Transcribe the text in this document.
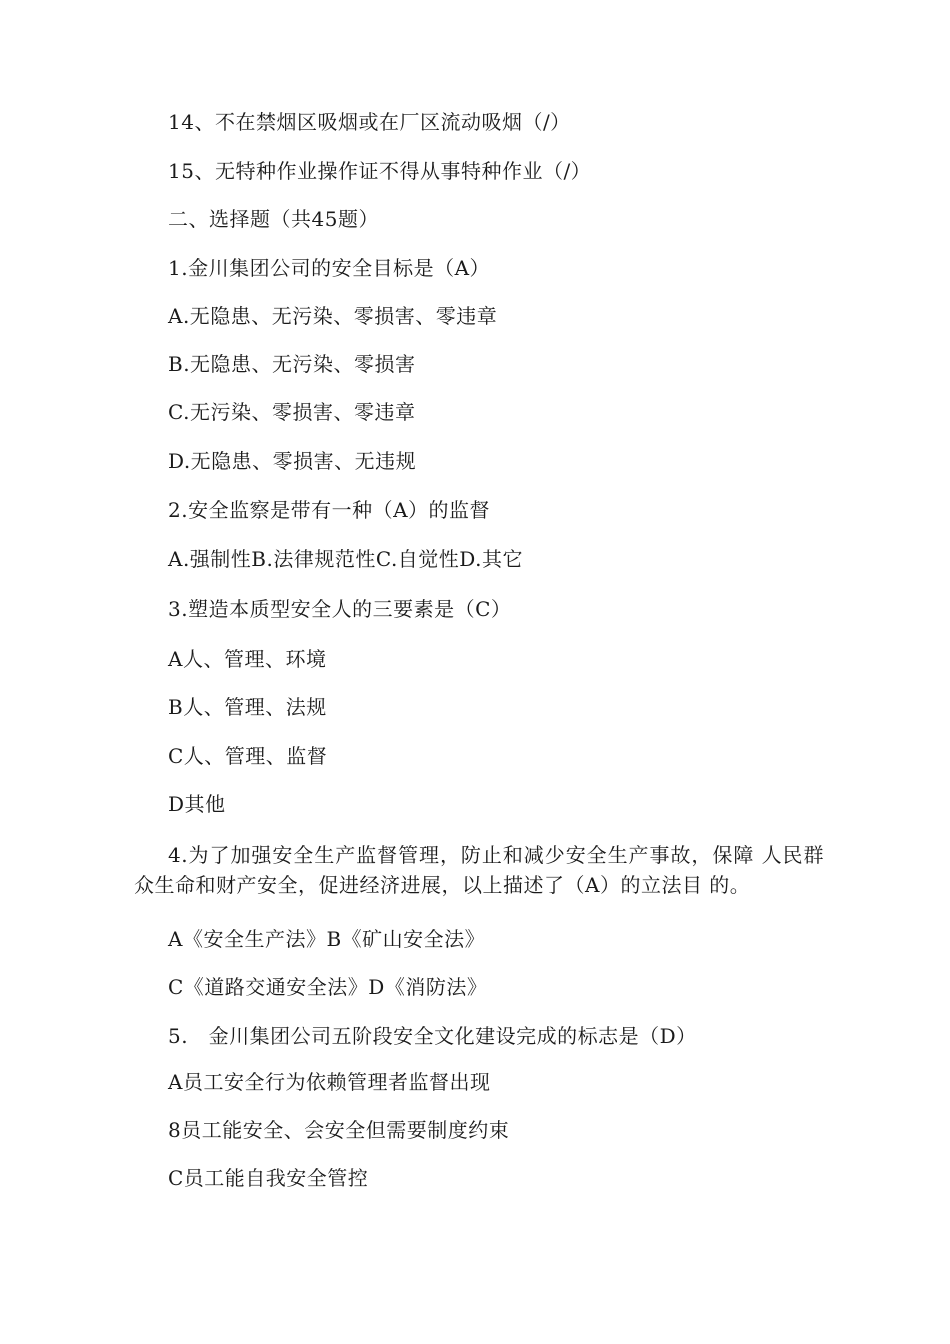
14、不在禁烟区吸烟或在厂区流动吸烟（/）
15、无特种作业操作证不得从事特种作业（/）
二、选择题（共45题）
1.金川集团公司的安全目标是（A）
A.无隐患、无污染、零损害、零违章
B.无隐患、无污染、零损害
C.无污染、零损害、零违章
D.无隐患、零损害、无违规
2.安全监察是带有一种（A）的监督
A.强制性B.法律规范性C.自觉性D.其它
3.塑造本质型安全人的三要素是（C）
A人、管理、环境
B人、管理、法规
C人、管理、监督
D其他
4.为了加强安全生产监督管理，防止和减少安全生产事故，保障 人民群众生命和财产安全，促进经济进展，以上描述了（A）的立法目 的。
A《安全生产法》B《矿山安全法》
C《道路交通安全法》D《消防法》
5.　金川集团公司五阶段安全文化建设完成的标志是（D）
A员工安全行为依赖管理者监督出现
8员工能安全、会安全但需要制度约束
C员工能自我安全管控
